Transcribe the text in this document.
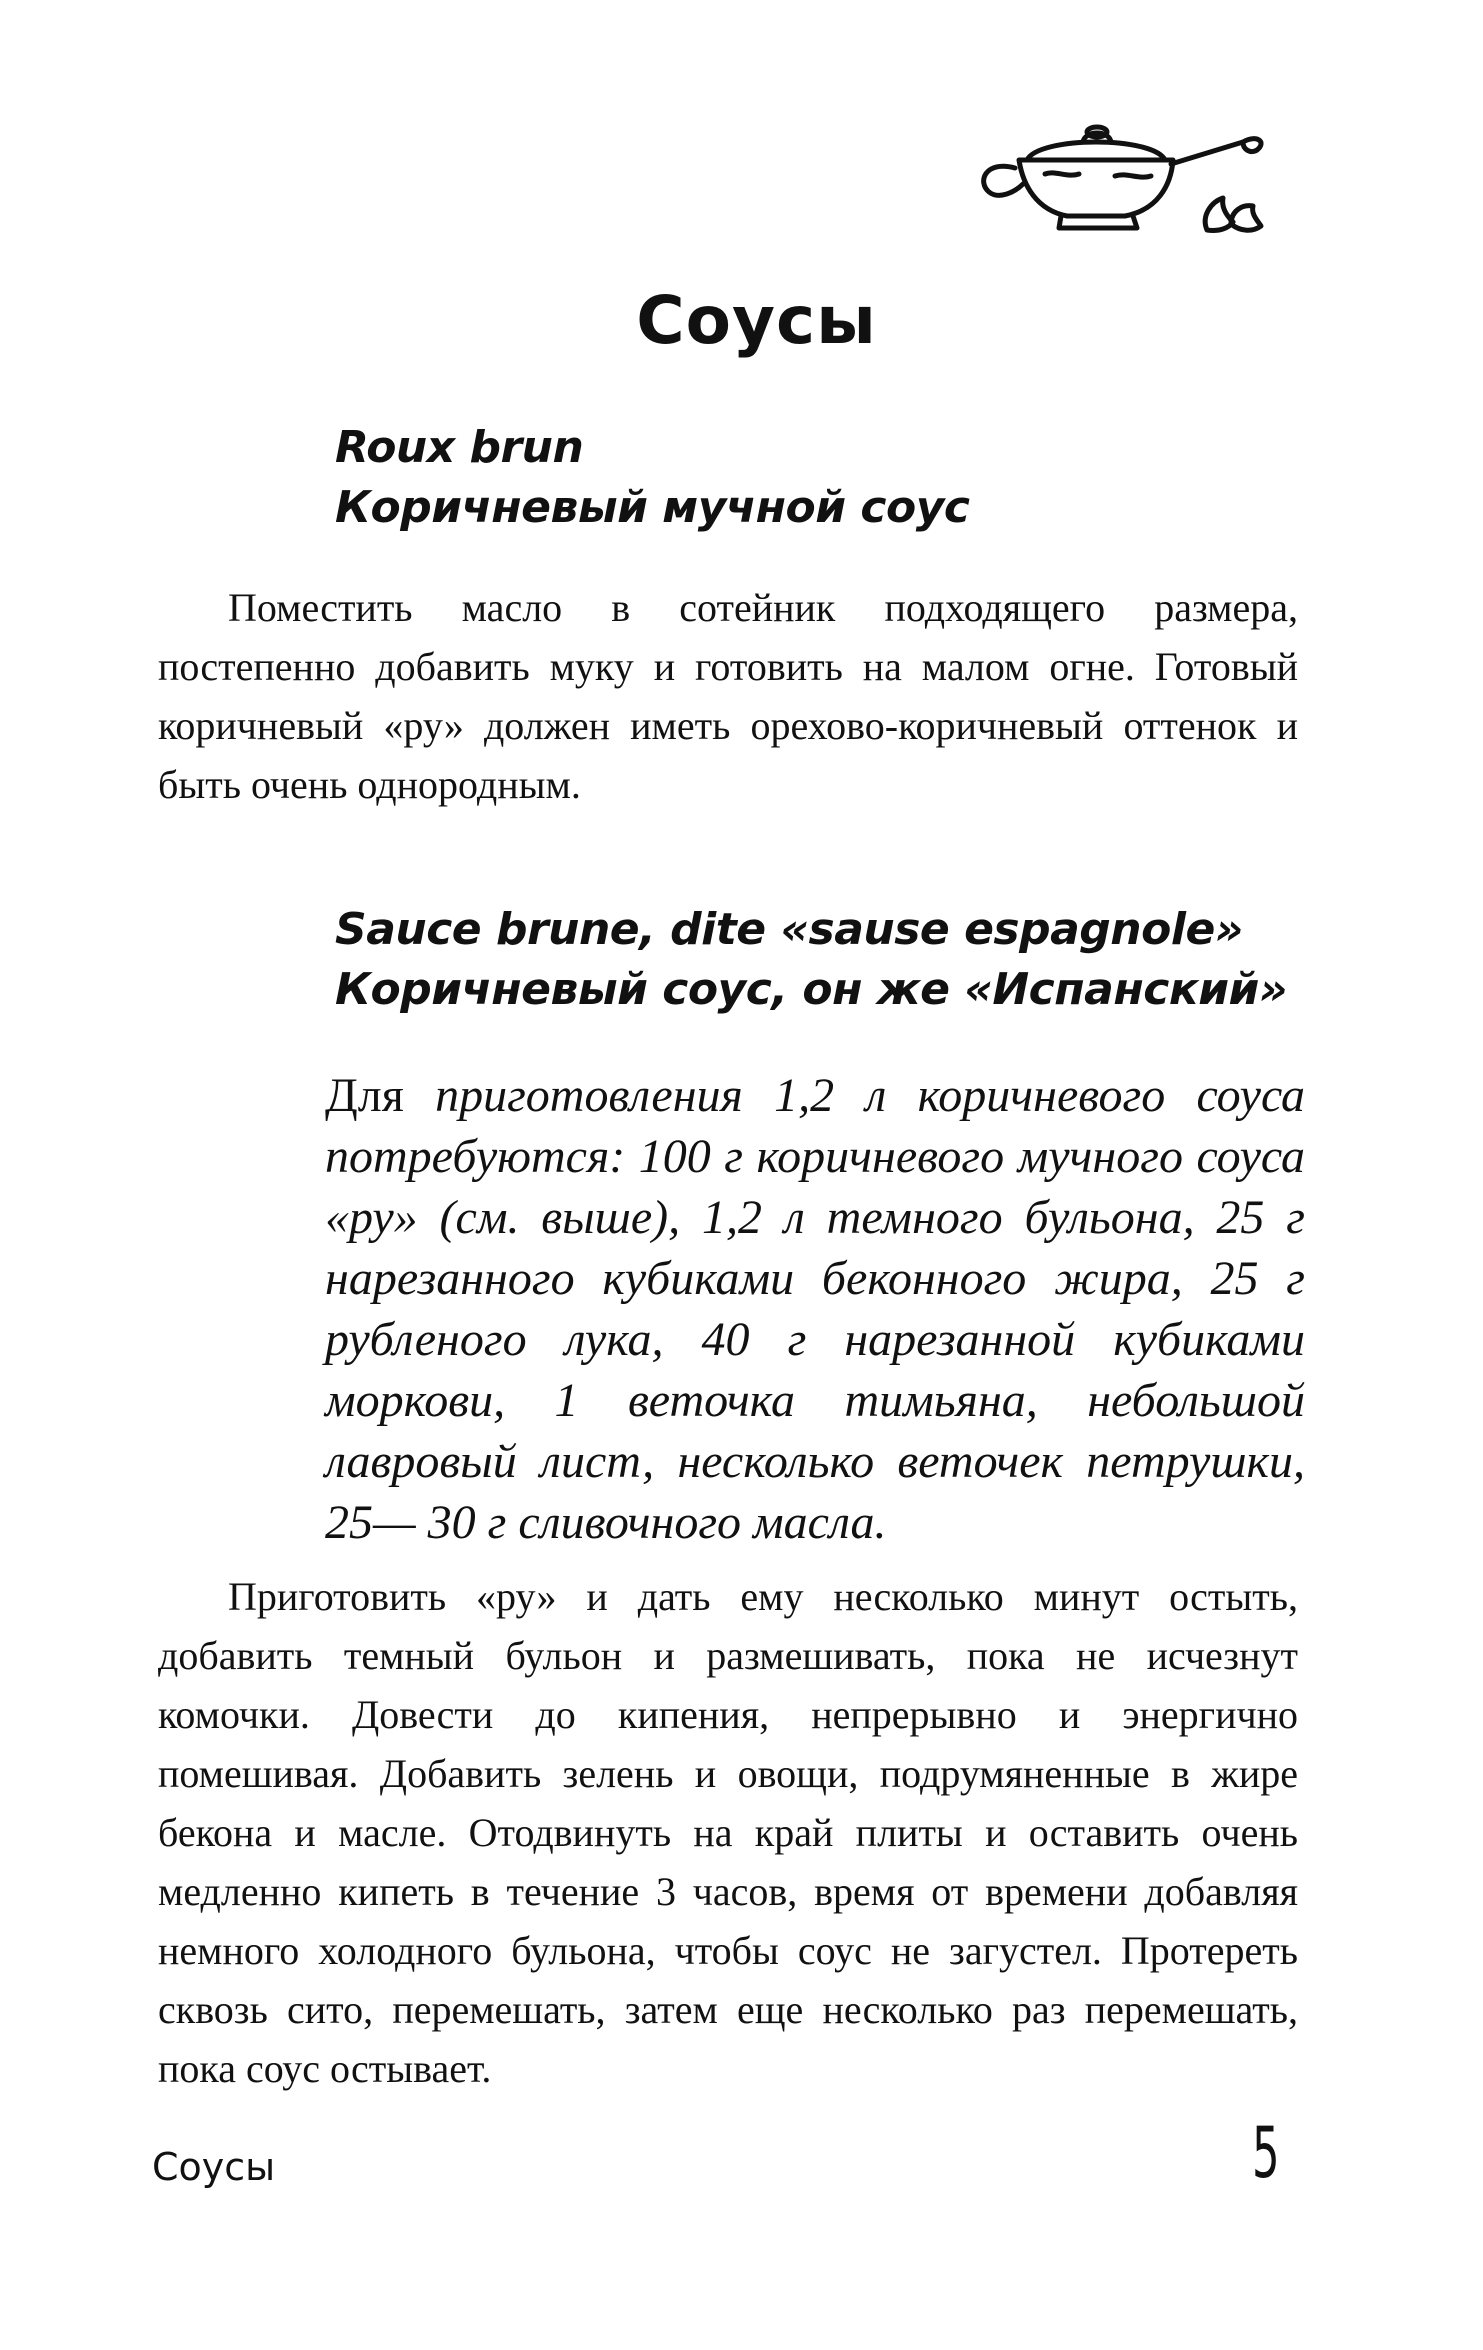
Соусы
Roux brun
Коричневый мучной соус

Поместить масло в сотейник подходящего размера, постепенно добавить муку и готовить на малом огне. Готовый коричневый «ру» должен иметь орехово-коричневый оттенок и быть очень однородным.

Sauce brune, dite «sause espagnole»
Коричневый соус, он же «Испанский»

Для приготовления 1,2 л коричневого соуса потребуются: 100 г коричневого мучного соуса «ру» (см. выше), 1,2 л темного бульона, 25 г нарезанного кубиками беконного жира, 25 г рубленого лука, 40 г нарезанной кубиками моркови, 1 веточка тимьяна, небольшой лавровый лист, несколько веточек петрушки, 25— 30 г сливочного масла.

Приготовить «ру» и дать ему несколько минут остыть, добавить темный бульон и размешивать, пока не исчезнут комочки. Довести до кипения, непрерывно и энергично помешивая. Добавить зелень и овощи, подрумяненные в жире бекона и масле. Отодвинуть на край плиты и оставить очень медленно кипеть в течение 3 часов, время от времени добавляя немного холодного бульона, чтобы соус не загустел. Протереть сквозь сито, перемешать, затем еще несколько раз перемешать, пока соус остывает.

Соусы	5
